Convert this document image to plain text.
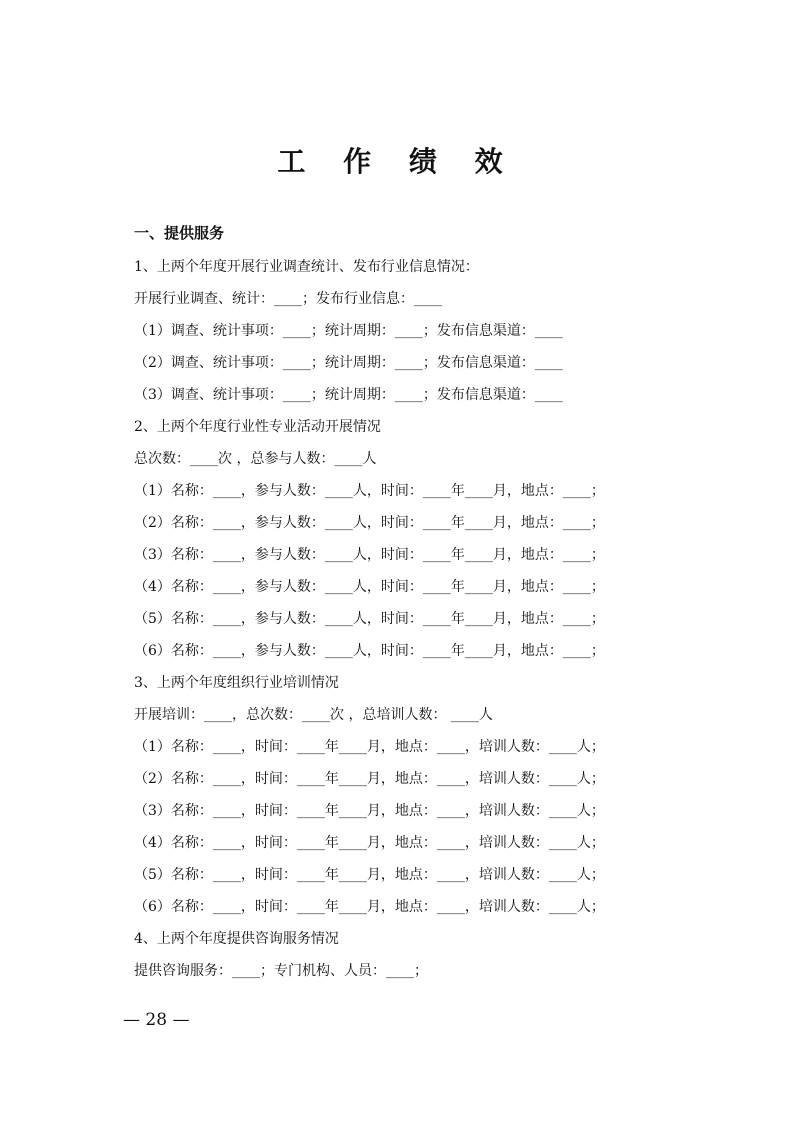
工 作 绩 效
一、提供服务
1、上两个年度开展行业调查统计、发布行业信息情况：
开展行业调查、统计：____；发布行业信息：____
（1）调查、统计事项：____；统计周期：____；发布信息渠道：____
（2）调查、统计事项：____；统计周期：____；发布信息渠道：____
（3）调查、统计事项：____；统计周期：____；发布信息渠道：____
2、上两个年度行业性专业活动开展情况
总次数：____次 ，总参与人数：____人
（1）名称：____，参与人数：____人，时间：____年____月，地点：____；
（2）名称：____，参与人数：____人，时间：____年____月，地点：____；
（3）名称：____，参与人数：____人，时间：____年____月，地点：____；
（4）名称：____，参与人数：____人，时间：____年____月，地点：____；
（5）名称：____，参与人数：____人，时间：____年____月，地点：____；
（6）名称：____，参与人数：____人，时间：____年____月，地点：____；
3、上两个年度组织行业培训情况
开展培训：____，总次数：____次 ，总培训人数： ____人
（1）名称：____，时间：____年____月，地点：____，培训人数：____人；
（2）名称：____，时间：____年____月，地点：____，培训人数：____人；
（3）名称：____，时间：____年____月，地点：____，培训人数：____人；
（4）名称：____，时间：____年____月，地点：____，培训人数：____人；
（5）名称：____，时间：____年____月，地点：____，培训人数：____人；
（6）名称：____，时间：____年____月，地点：____，培训人数：____人；
4、上两个年度提供咨询服务情况
提供咨询服务：____；专门机构、人员：____；
— 28 —
